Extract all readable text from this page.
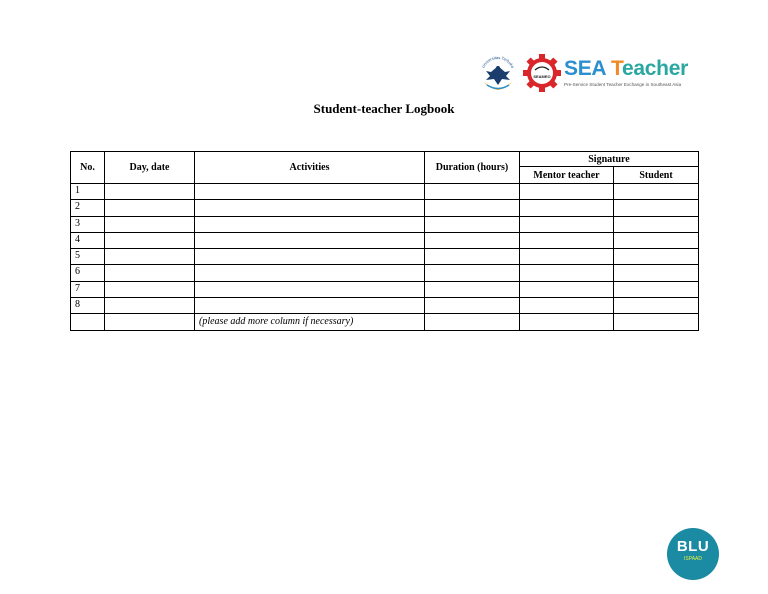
Universitas Terbuka
SEAMEO SEA Teacher
Pre-Service Student Teacher Exchange in Southeast Asia
Student-teacher Logbook
No.	Day, date	Activities	Duration (hours)	Signature	
				Mentor teacher	Student
1					
2					
3					
4					
5					
6					
7					
8					
		(please add more column if necessary)			
BLU
ISPAAD
